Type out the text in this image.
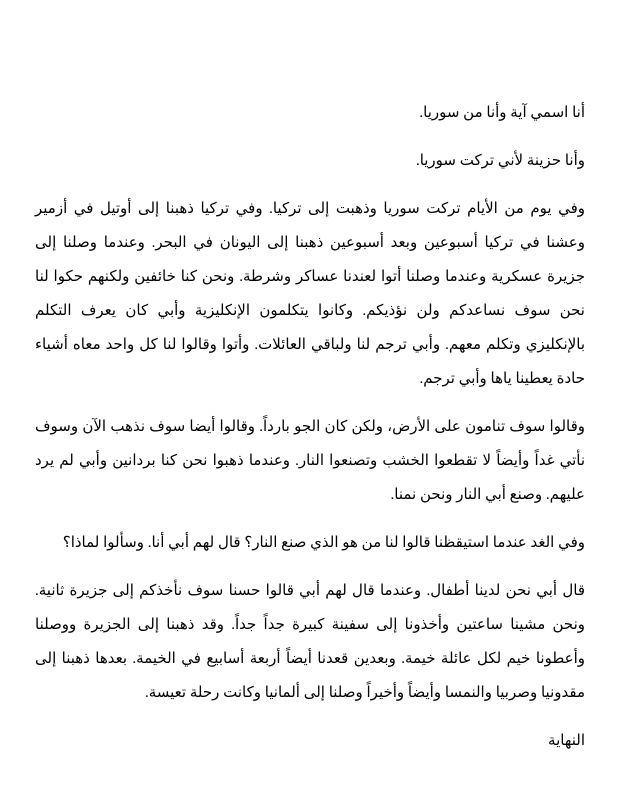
أنا اسمي آية وأنا من سوريا.

وأنا حزينة لأني تركت سوريا.

وفي يوم من الأيام تركت سوريا وذهبت إلى تركيا. وفي تركيا ذهبنا إلى أوتيل في أزمير وعشنا في تركيا أسبوعين وبعد أسبوعين ذهبنا إلى اليونان في البحر. وعندما وصلنا إلى جزيرة عسكرية وعندما وصلنا أتوا لعندنا عساكر وشرطة. ونحن كنا خائفين ولكنهم حكوا لنا نحن سوف نساعدكم ولن نؤذيكم. وكانوا يتكلمون الإنكليزية وأبي كان يعرف التكلم بالإنكليزي وتكلم معهم. وأبي ترجم لنا ولباقي العائلات. وأتوا وقالوا لنا كل واحد معاه أشياء حادة يعطينا ياها وأبي ترجم.

وقالوا سوف تنامون على الأرض، ولكن كان الجو بارداً. وقالوا أيضا سوف نذهب الآن وسوف نأتي غداً وأيضاً لا تقطعوا الخشب وتصنعوا النار. وعندما ذهبوا نحن كنا بردانين وأبي لم يرد عليهم. وصنع أبي النار ونحن نمنا.

وفي الغد عندما استيقظنا قالوا لنا من هو الذي صنع النار؟ قال لهم أبي أنا. وسألوا لماذا؟

قال أبي نحن لدينا أطفال. وعندما قال لهم أبي قالوا حسنا سوف نأخذكم إلى جزيرة ثانية. ونحن مشينا ساعتين وأخذونا إلى سفينة كبيرة جداً جداً. وقد ذهبنا إلى الجزيرة ووصلنا وأعطونا خيم لكل عائلة خيمة. وبعدين قعدنا أيضاً أربعة أسابيع في الخيمة. بعدها ذهبنا إلى مقدونيا وصربيا والنمسا وأيضاً وأخيراً وصلنا إلى ألمانيا وكانت رحلة تعيسة.

النهاية
